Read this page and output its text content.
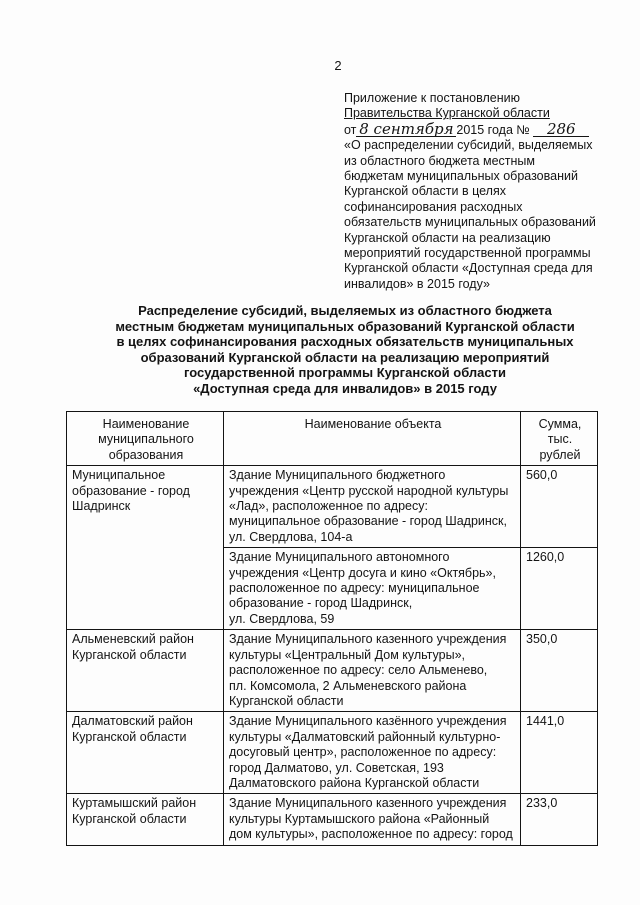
2
Приложение к постановлению
Правительства Курганской области
от 8 сентября 2015 года № 286
«О распределении субсидий, выделяемых
из областного бюджета местным
бюджетам муниципальных образований
Курганской области в целях
софинансирования расходных
обязательств муниципальных образований
Курганской области на реализацию
мероприятий государственной программы
Курганской области «Доступная среда для
инвалидов» в 2015 году»
Распределение субсидий, выделяемых из областного бюджета
местным бюджетам муниципальных образований Курганской области
в целях софинансирования расходных обязательств муниципальных
образований Курганской области на реализацию мероприятий
государственной программы Курганской области
«Доступная среда для инвалидов» в 2015 году
Наименование
муниципального
образования	Наименование объекта	Сумма,
тыс. рублей

Муниципальное
образование - город
Шадринск	Здание Муниципального бюджетного
учреждения «Центр русской народной культуры
«Лад», расположенное по адресу:
муниципальное образование - город Шадринск,
ул. Свердлова, 104-а	560,0
	Здание Муниципального автономного
учреждения «Центр досуга и кино «Октябрь»,
расположенное по адресу: муниципальное
образование - город Шадринск,
ул. Свердлова, 59	1260,0
Альменевский район
Курганской области	Здание Муниципального казенного учреждения
культуры «Центральный Дом культуры»,
расположенное по адресу: село Альменево,
пл. Комсомола, 2 Альменевского района
Курганской области	350,0
Далматовский район
Курганской области	Здание Муниципального казённого учреждения
культуры «Далматовский районный культурно-
досуговый центр», расположенное по адресу:
город Далматово, ул. Советская, 193
Далматовского района Курганской области	1441,0
Куртамышский район
Курганской области	Здание Муниципального казенного учреждения
культуры Куртамышского района «Районный
дом культуры», расположенное по адресу: город	233,0
